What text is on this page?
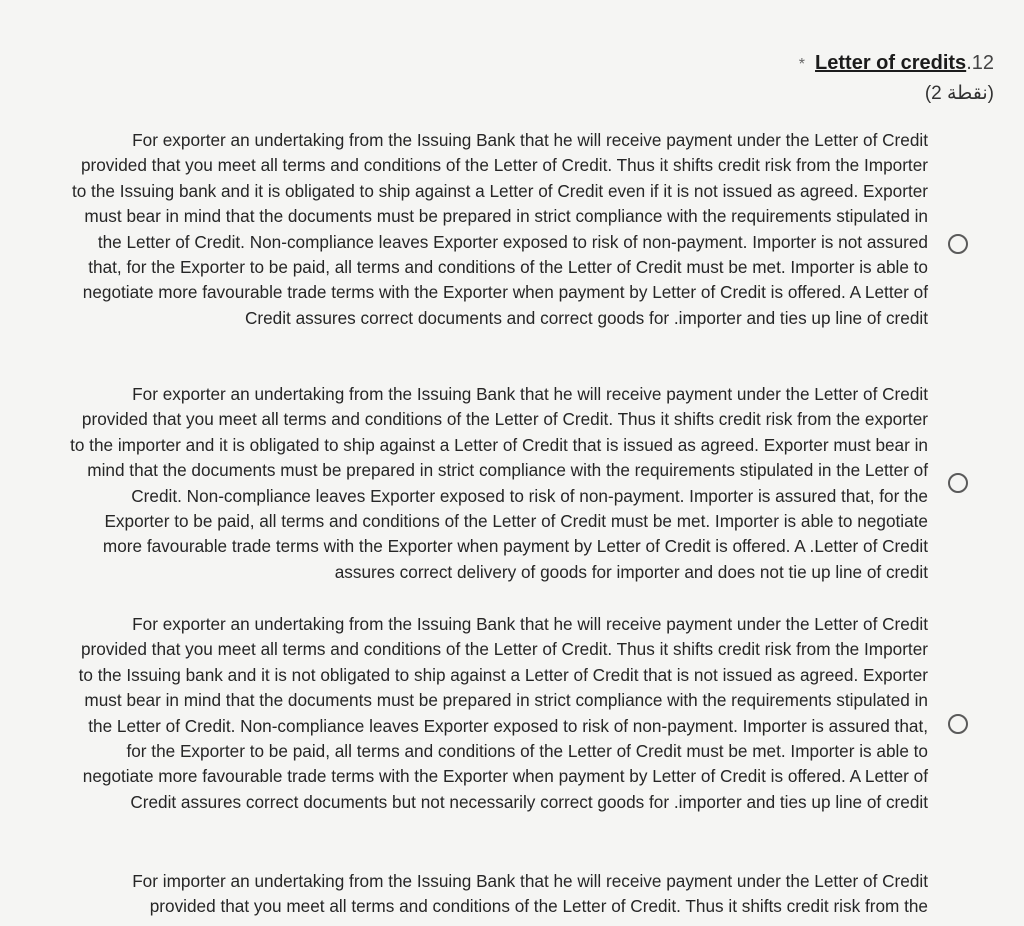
* Letter of credits.12
(2 نقطة)
For exporter an undertaking from the Issuing Bank that he will receive payment under the Letter of Credit provided that you meet all terms and conditions of the Letter of Credit. Thus it shifts credit risk from the Importer to the Issuing bank and it is obligated to ship against a Letter of Credit even if it is not issued as agreed. Exporter must bear in mind that the documents must be prepared in strict compliance with the requirements stipulated in the Letter of Credit. Non-compliance leaves Exporter exposed to risk of non-payment. Importer is not assured that, for the Exporter to be paid, all terms and conditions of the Letter of Credit must be met. Importer is able to negotiate more favourable trade terms with the Exporter when payment by Letter of Credit is offered. A Letter of Credit assures correct documents and correct goods for .importer and ties up line of credit
For exporter an undertaking from the Issuing Bank that he will receive payment under the Letter of Credit provided that you meet all terms and conditions of the Letter of Credit. Thus it shifts credit risk from the exporter to the importer and it is obligated to ship against a Letter of Credit that is issued as agreed. Exporter must bear in mind that the documents must be prepared in strict compliance with the requirements stipulated in the Letter of Credit. Non-compliance leaves Exporter exposed to risk of non-payment. Importer is assured that, for the Exporter to be paid, all terms and conditions of the Letter of Credit must be met. Importer is able to negotiate more favourable trade terms with the Exporter when payment by Letter of Credit is offered. A .Letter of Credit assures correct delivery of goods for importer and does not tie up line of credit
For exporter an undertaking from the Issuing Bank that he will receive payment under the Letter of Credit provided that you meet all terms and conditions of the Letter of Credit. Thus it shifts credit risk from the Importer to the Issuing bank and it is not obligated to ship against a Letter of Credit that is not issued as agreed. Exporter must bear in mind that the documents must be prepared in strict compliance with the requirements stipulated in the Letter of Credit. Non-compliance leaves Exporter exposed to risk of non-payment. Importer is assured that, for the Exporter to be paid, all terms and conditions of the Letter of Credit must be met. Importer is able to negotiate more favourable trade terms with the Exporter when payment by Letter of Credit is offered. A Letter of Credit assures correct documents but not necessarily correct goods for .importer and ties up line of credit
For importer an undertaking from the Issuing Bank that he will receive payment under the Letter of Credit provided that you meet all terms and conditions of the Letter of Credit. Thus it shifts credit risk from the
